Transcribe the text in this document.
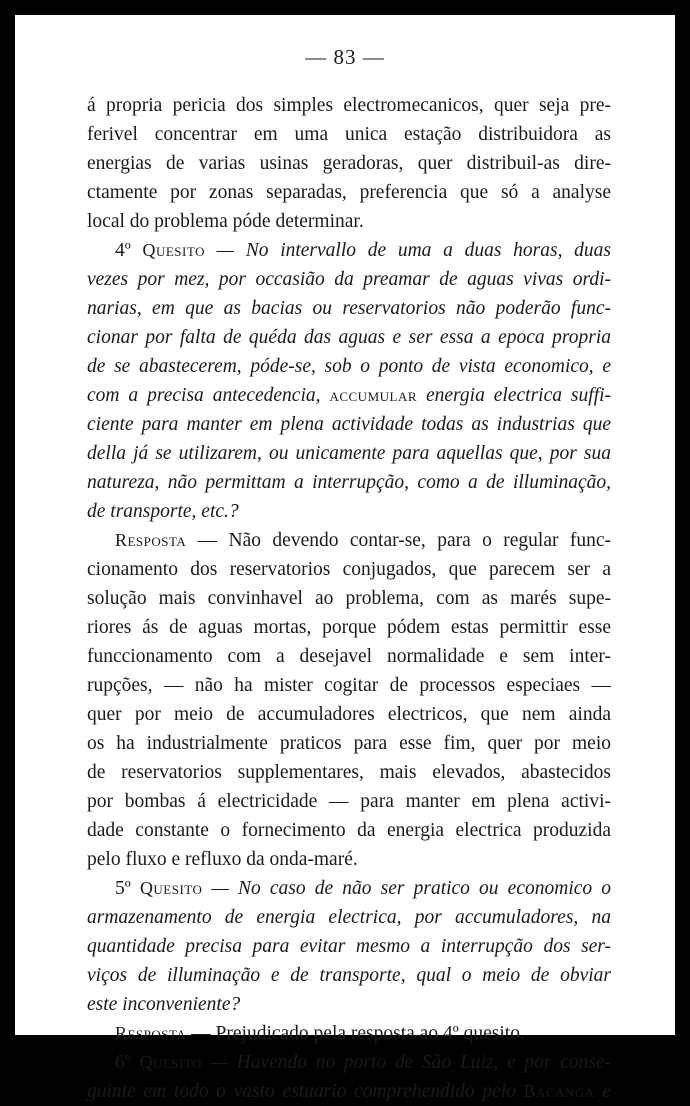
— 83 —
á propria pericia dos simples electromecanicos, quer seja pre-
ferivel concentrar em uma unica estação distribuidora as
energias de varias usinas geradoras, quer distribuil-as dire-
ctamente por zonas separadas, preferencia que só a analyse
local do problema póde determinar.
4º Quesito — No intervallo de uma a duas horas, duas
vezes por mez, por occasião da preamar de aguas vivas ordi-
narias, em que as bacias ou reservatorios não poderão func-
cionar por falta de quéda das aguas e ser essa a epoca propria
de se abastecerem, póde-se, sob o ponto de vista economico, e
com a precisa antecedencia, accumular energia electrica suffi-
ciente para manter em plena actividade todas as industrias que
della já se utilizarem, ou unicamente para aquellas que, por sua
natureza, não permittam a interrupção, como a de illuminação,
de transporte, etc.?
Resposta — Não devendo contar-se, para o regular func-
cionamento dos reservatorios conjugados, que parecem ser a
solução mais convinhavel ao problema, com as marés supe-
riores ás de aguas mortas, porque pódem estas permittir esse
funccionamento com a desejavel normalidade e sem inter-
rupções, — não ha mister cogitar de processos especiaes —
quer por meio de accumuladores electricos, que nem ainda
os ha industrialmente praticos para esse fim, quer por meio
de reservatorios supplementares, mais elevados, abastecidos
por bombas á electricidade — para manter em plena activi-
dade constante o fornecimento da energia electrica produzida
pelo fluxo e refluxo da onda-maré.
5º Quesito — No caso de não ser pratico ou economico o
armazenamento de energia electrica, por accumuladores, na
quantidade precisa para evitar mesmo a interrupção dos ser-
viços de illuminação e de transporte, qual o meio de obviar
este inconveniente?
Resposta — Prejudicado pela resposta ao 4º quesito.
6º Quesito — Havendo no porto de São Luiz, e por conse-
guinte em todo o vasto estuario comprehendido pelo Bacanga e
